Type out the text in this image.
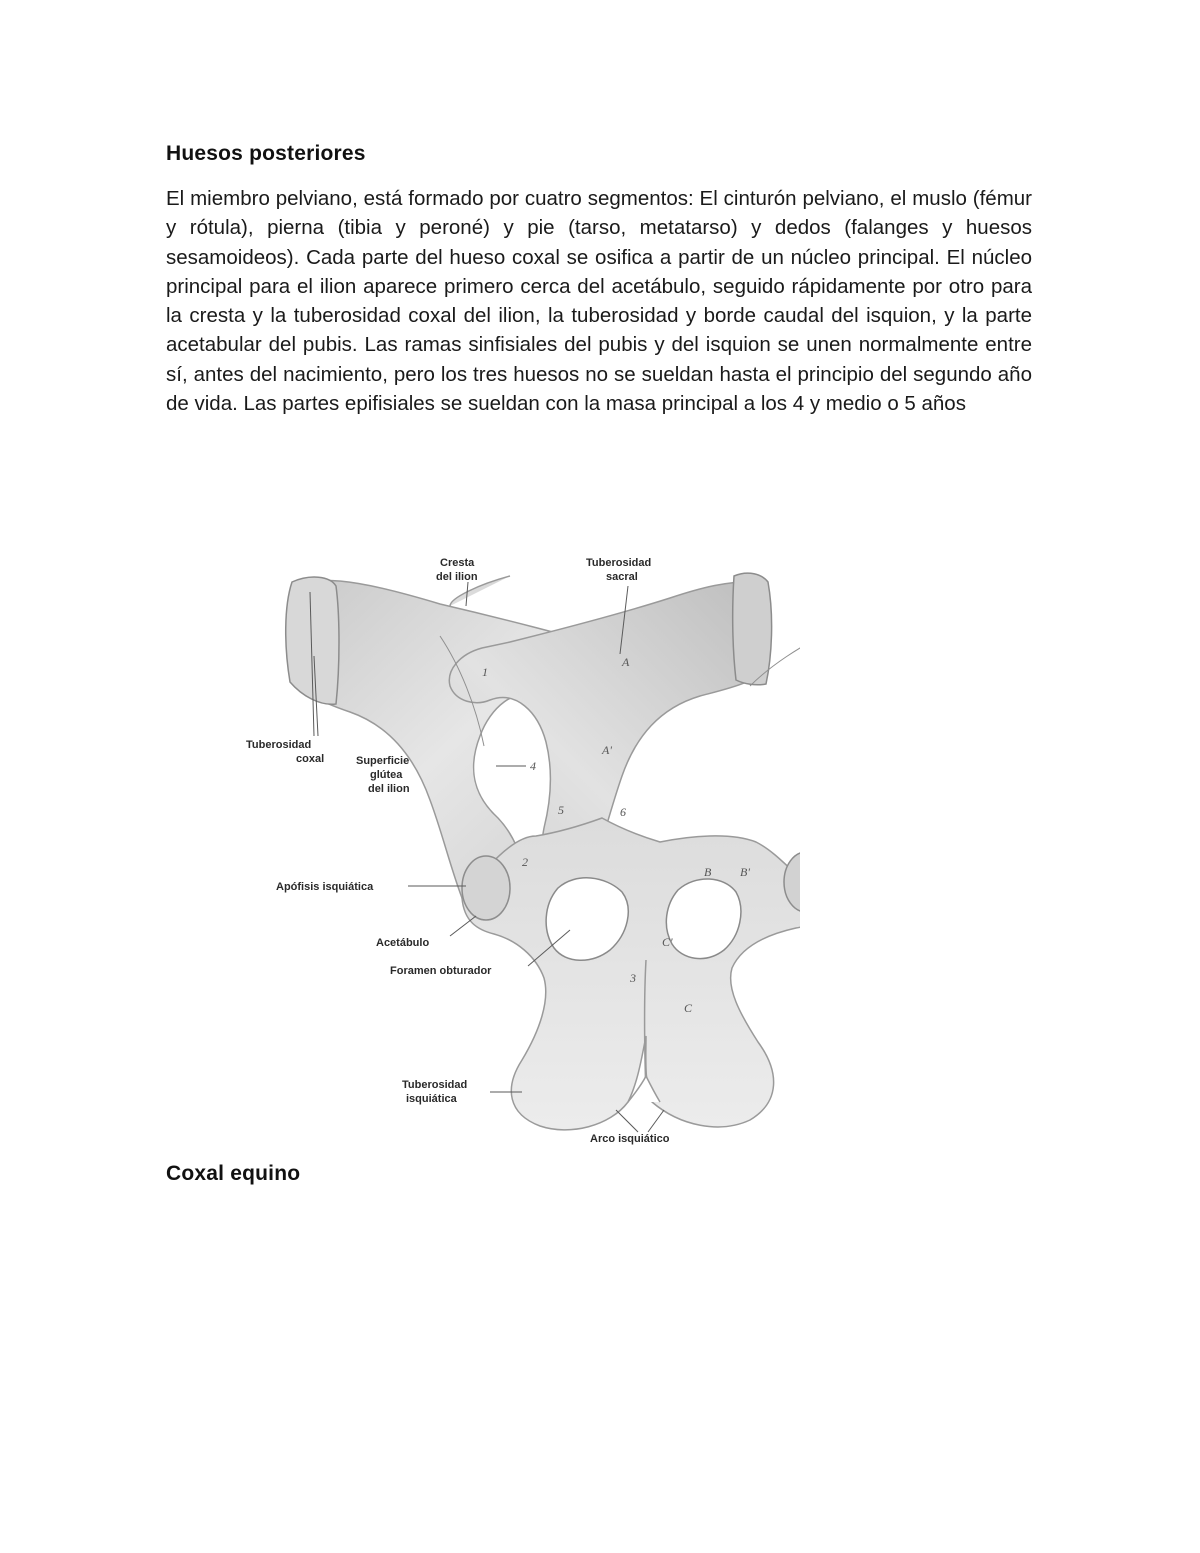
Huesos posteriores
El miembro pelviano, está formado por cuatro segmentos: El cinturón pelviano, el muslo (fémur y rótula), pierna (tibia y peroné) y pie (tarso, metatarso) y dedos (falanges y huesos sesamoideos). Cada parte del hueso coxal se osifica a partir de un núcleo principal. El núcleo principal para el ilion aparece primero cerca del acetábulo, seguido rápidamente por otro para la cresta y la tuberosidad coxal del ilion, la tuberosidad y borde caudal del isquion, y la parte acetabular del pubis. Las ramas sinfisiales del pubis y del isquion se unen normalmente entre sí, antes del nacimiento, pero los tres huesos no se sueldan hasta el principio del segundo año de vida. Las partes epifisiales se sueldan con la masa principal a los 4 y medio o 5 años
Cresta
del ilion
Tuberosidad
sacral
Tuberosidad
coxal	Superficie
glútea
del ilion
Apófisis isquiática
Acetábulo
Foramen obturador
Tuberosidad
isquiática
Arco isquiático
1
4
5	6
A
A'
B B'
C
C'
2
3
Coxal equino
